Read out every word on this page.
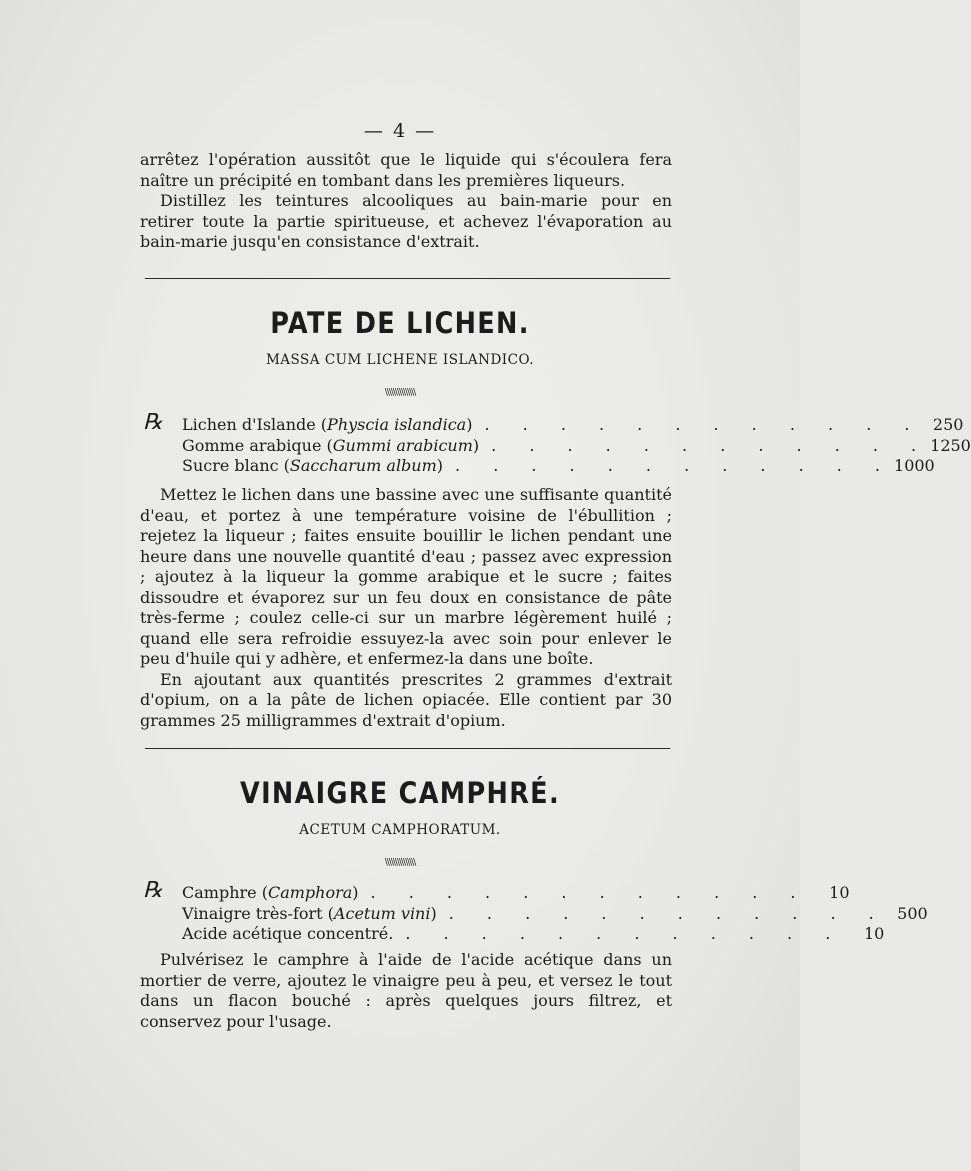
— 4 —

arrêtez l'opération aussitôt que le liquide qui s'écoulera fera naître un précipité en tombant dans les premières liqueurs.

Distillez les teintures alcooliques au bain-marie pour en retirer toute la partie spiritueuse, et achevez l'évaporation au bain-marie jusqu'en consistance d'extrait.

PATE DE LICHEN.
MASSA CUM LICHENE ISLANDICO.
\\\\\\\\\\\\\\\
℞ Lichen d'Islande (Physcia islandica) . . . . . . . . . . . . 250
Gomme arabique (Gummi arabicum) . . . . . . . . . . . . 1250
Sucre blanc (Saccharum album) . . . . . . . . . . . . 1000

Mettez le lichen dans une bassine avec une suffisante quantité d'eau, et portez à une température voisine de l'ébullition ; rejetez la liqueur ; faites ensuite bouillir le lichen pendant une heure dans une nouvelle quantité d'eau ; passez avec expression ; ajoutez à la liqueur la gomme arabique et le sucre ; faites dissoudre et évaporez sur un feu doux en consistance de pâte très-ferme ; coulez celle-ci sur un marbre légèrement huilé ; quand elle sera refroidie essuyez-la avec soin pour enlever le peu d'huile qui y adhère, et enfermez-la dans une boîte.

En ajoutant aux quantités prescrites 2 grammes d'extrait d'opium, on a la pâte de lichen opiacée. Elle contient par 30 grammes 25 milligrammes d'extrait d'opium.

VINAIGRE CAMPHRÉ.
ACETUM CAMPHORATUM.
\\\\\\\\\\\\\\\
℞ Camphre (Camphora) . . . . . . . . . . . .	10
Vinaigre très-fort (Acetum vini) . . . . . . . . . . . . 500
Acide acétique concentré. . . . . . . . . . . . .	10

Pulvérisez le camphre à l'aide de l'acide acétique dans un mortier de verre, ajoutez le vinaigre peu à peu, et versez le tout dans un flacon bouché : après quelques jours filtrez, et conservez pour l'usage.
